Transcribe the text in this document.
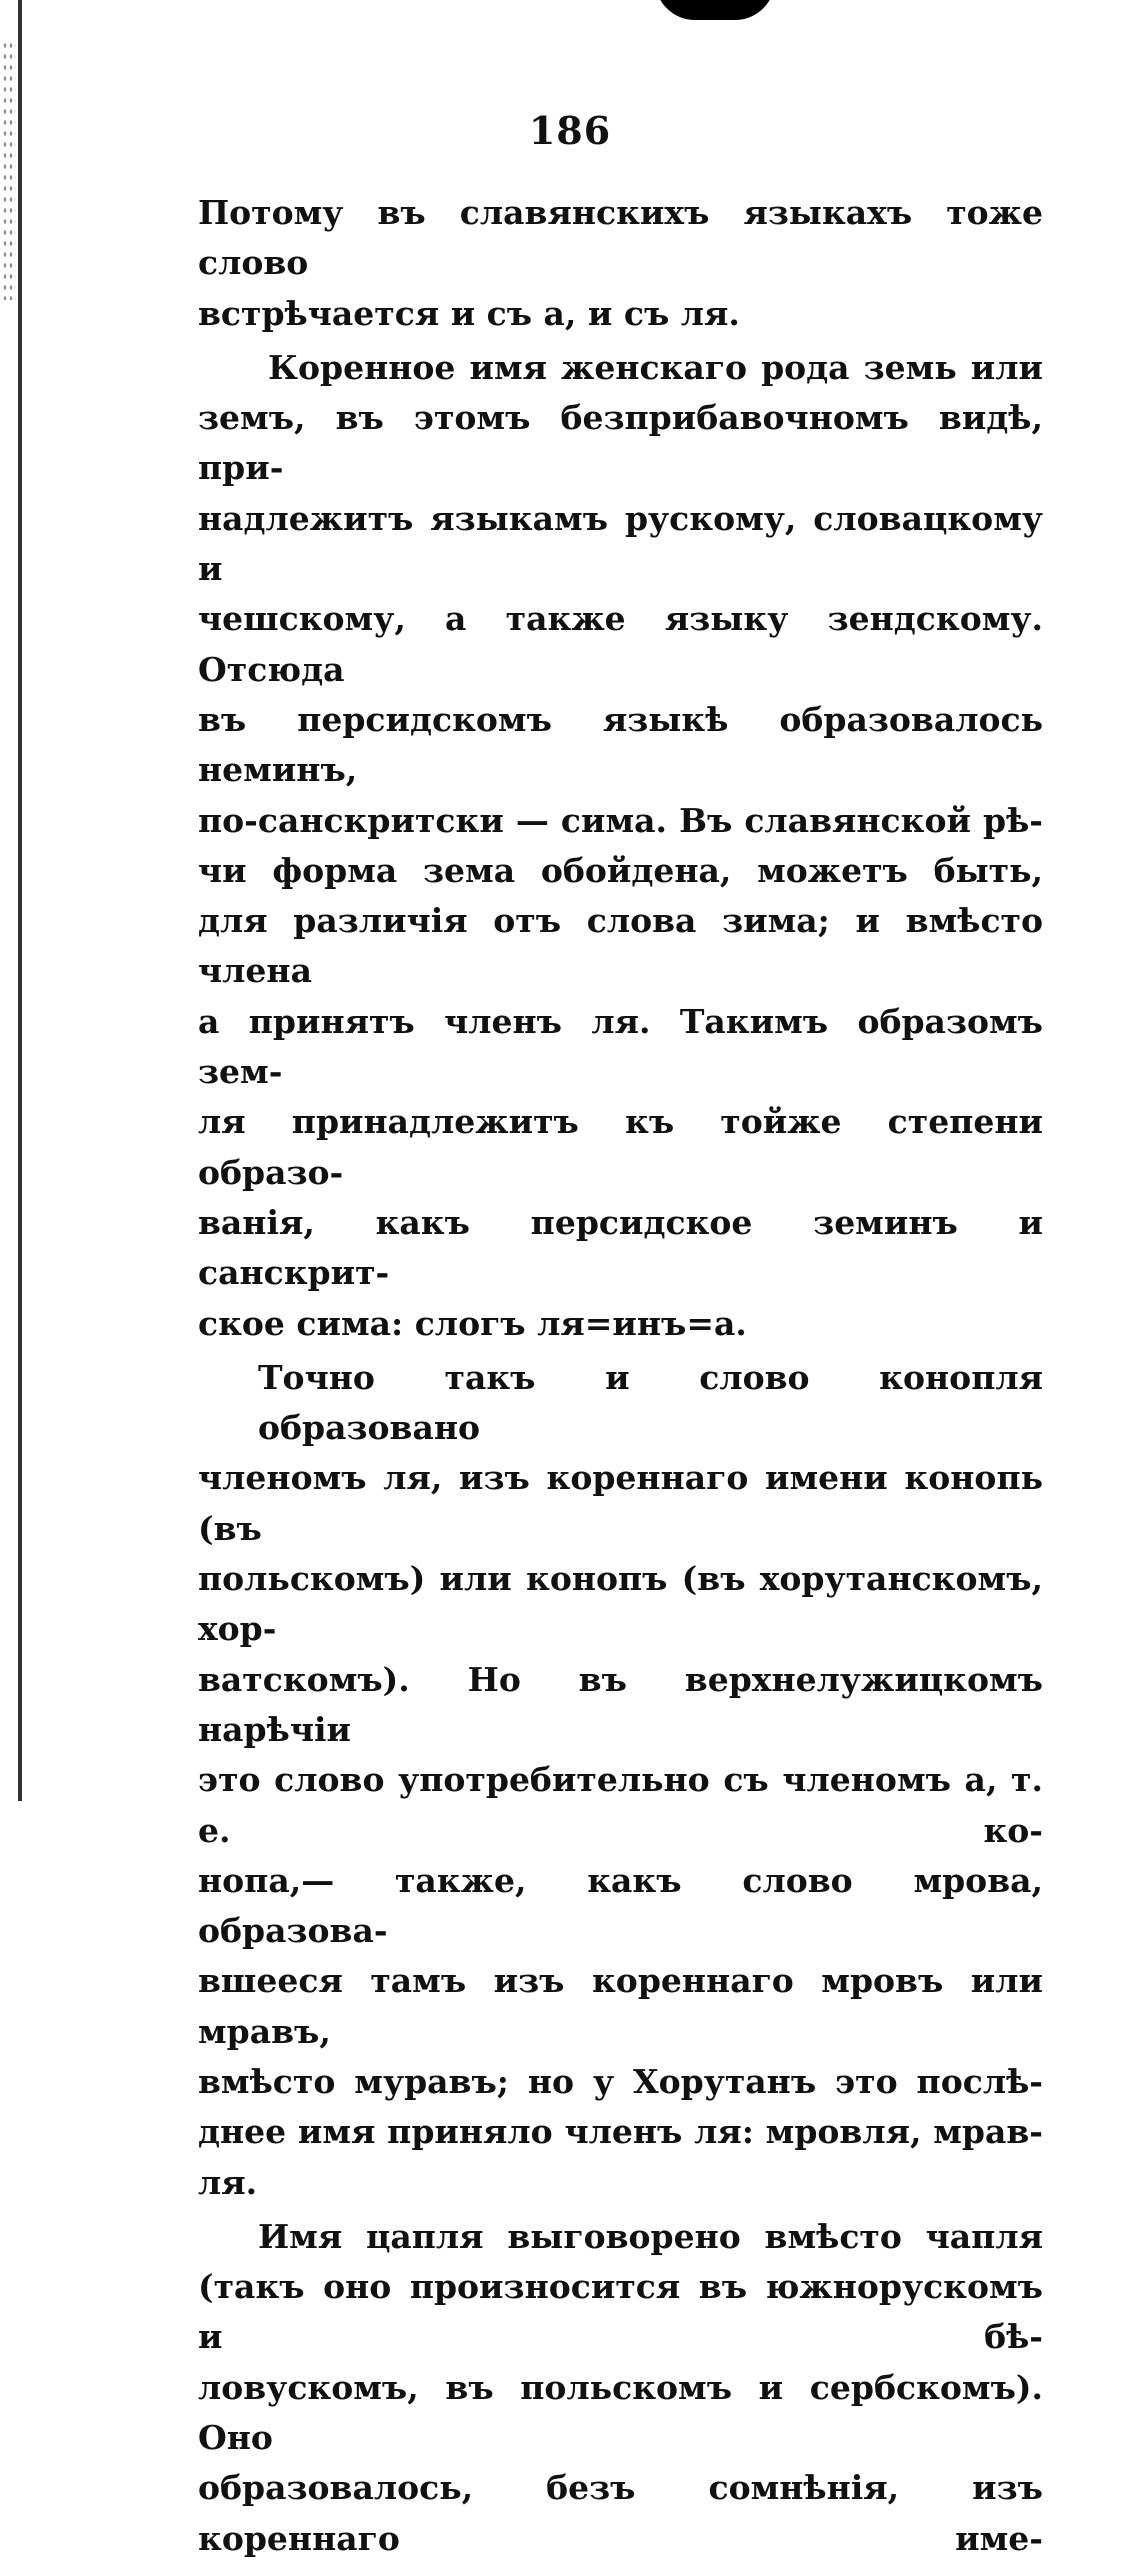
186

Потому въ славянскихъ языкахъ тоже слово
встрѣчается и съ а, и съ ля.

Коренное имя женскаго рода земь или
земъ, въ этомъ безприбавочномъ видѣ, при-
надлежитъ языкамъ рускому, словацкому и
чешскому, а также языку зендскому. Отсюда
въ персидскомъ языкѣ образовалось неминъ,
по-санскритски — сима. Въ славянской рѣ-
чи форма зема обойдена, можетъ быть,
для различія отъ слова зима; и вмѣсто члена
а принятъ членъ ля. Такимъ образомъ зем-
ля принадлежитъ къ тойже степени образо-
ванія, какъ персидское земинъ и санскрит-
ское сима: слогъ ля=инъ=а.

Точно такъ и слово конопля образовано
членомъ ля, изъ кореннаго имени конопь (въ
польскомъ) или конопъ (въ хорутанскомъ, хор-
ватскомъ). Но въ верхнелужицкомъ нарѣчіи
это слово употребительно съ членомъ а, т. е. ко-
нопа,— также, какъ слово мрова, образова-
вшееся тамъ изъ кореннаго мровъ или мравъ,
вмѣсто муравъ; но у Хорутанъ это послѣ-
днее имя приняло членъ ля: мровля, мрав-
ля.

Имя цапля выговорено вмѣсто чапля
(такъ оно произносится въ южнорускомъ и бѣ-
ловускомъ, въ польскомъ и сербскомъ). Оно
образовалось, безъ сомнѣнія, изъ кореннаго име-
